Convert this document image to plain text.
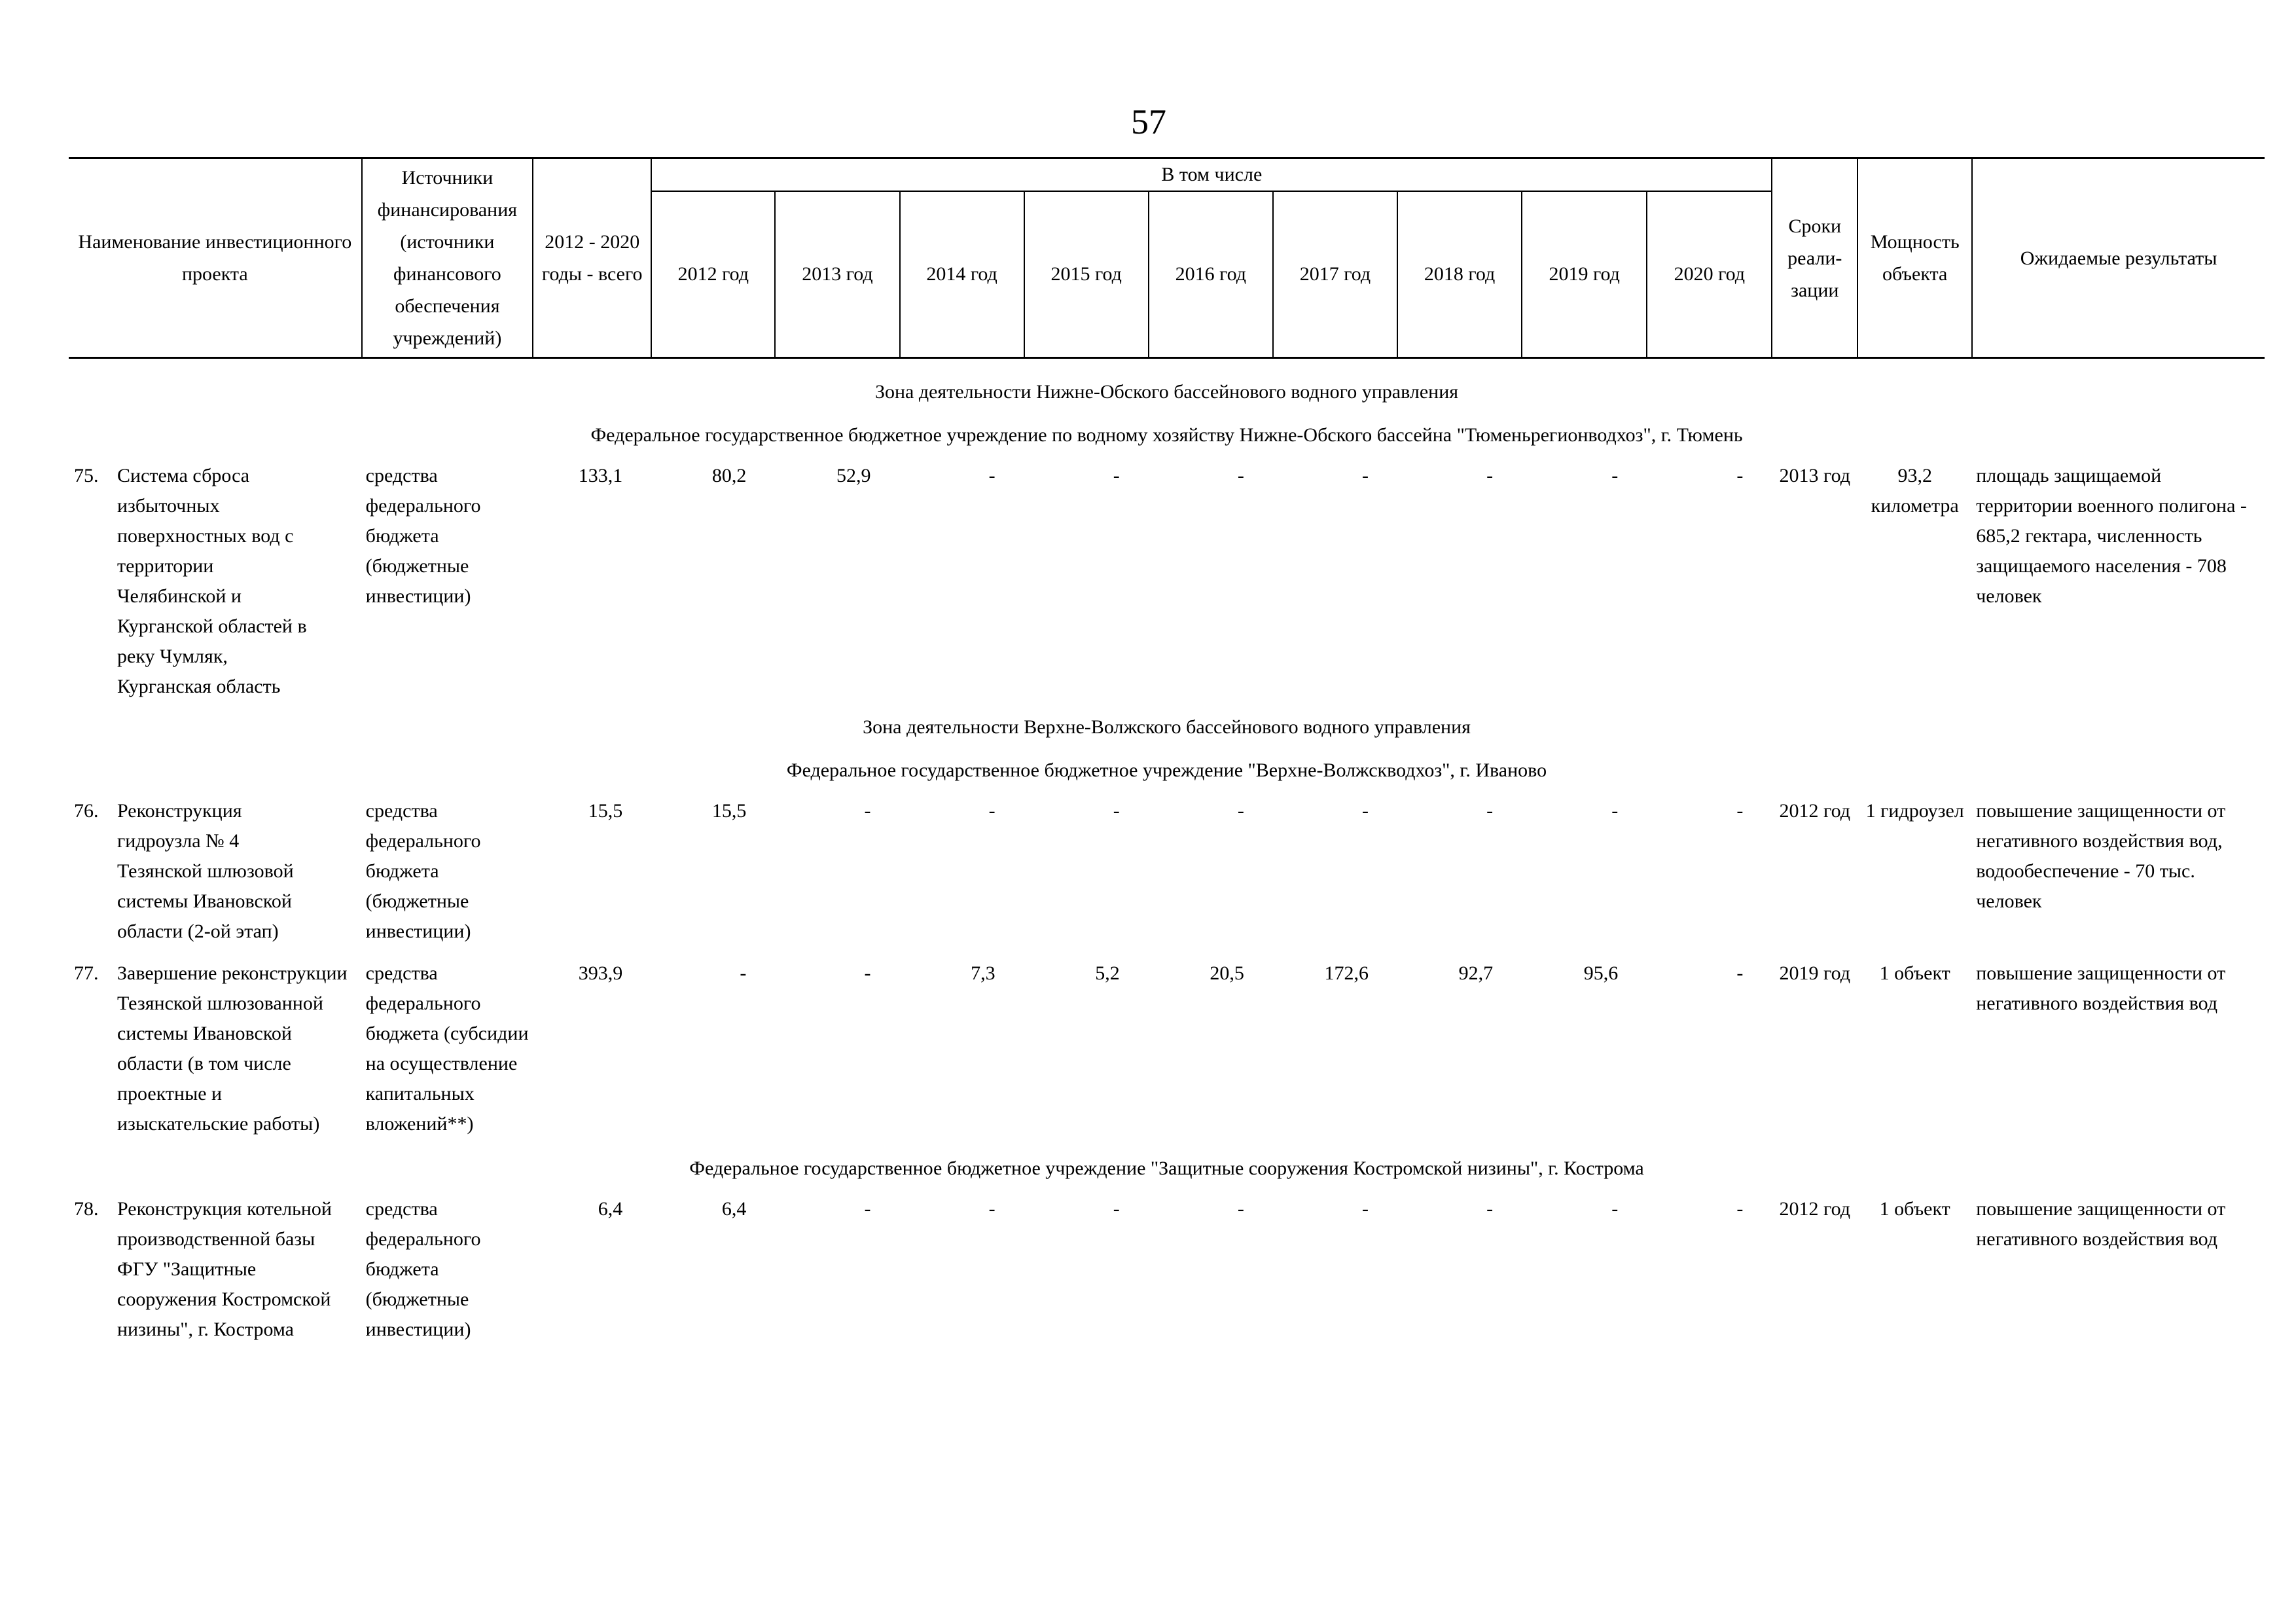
57
Наименование инвестиционного проекта	Источники финансирования (источники финансового обеспечения учреждений)	2012 - 2020 годы - всего	В том числе									Сроки реали- зации	Мощность объекта	Ожидаемые результаты
			2012 год	2013 год	2014 год	2015 год	2016 год	2017 год	2018 год	2019 год	2020 год			

Зона деятельности Нижне-Обского бассейнового водного управления														
Федеральное государственное бюджетное учреждение по водному хозяйству Нижне-Обского бассейна "Тюменьрегионводхоз", г. Тюмень														

75. Система сброса избыточных поверхностных вод с территории Челябинской и Курганской областей в реку Чумляк, Курганская область	средства федерального бюджета (бюджетные инвестиции)	133,1	80,2	52,9	-	-	-	-	-	-	-	2013 год	93,2 километра	площадь защищаемой территории военного полигона - 685,2 гектара, численность защищаемого населения - 708 человек
Зона деятельности Верхне-Волжского бассейнового водного управления														
Федеральное государственное бюджетное учреждение "Верхне-Волжскводхоз", г. Иваново														

76. Реконструкция гидроузла № 4 Тезянской шлюзовой системы Ивановской области (2-ой этап)	средства федерального бюджета (бюджетные инвестиции)	15,5	15,5	-	-	-	-	-	-	-	-	2012 год	1 гидроузел	повышение защищенности от негативного воздействия вод, водообеспечение - 70 тыс. человек

77. Завершение реконструкции Тезянской шлюзованной системы Ивановской области (в том числе проектные и изыскательские работы)	средства федерального бюджета (субсидии на осуществление капитальных вложений**)	393,9	-	-	7,3	5,2	20,5	172,6	92,7	95,6	-	2019 год	1 объект	повышение защищенности от негативного воздействия вод
Федеральное государственное бюджетное учреждение "Защитные сооружения Костромской низины", г. Кострома														

78. Реконструкция котельной производственной базы ФГУ "Защитные сооружения Костромской низины", г. Кострома	средства федерального бюджета (бюджетные инвестиции)	6,4	6,4	-	-	-	-	-	-	-	-	2012 год	1 объект	повышение защищенности от негативного воздействия вод
